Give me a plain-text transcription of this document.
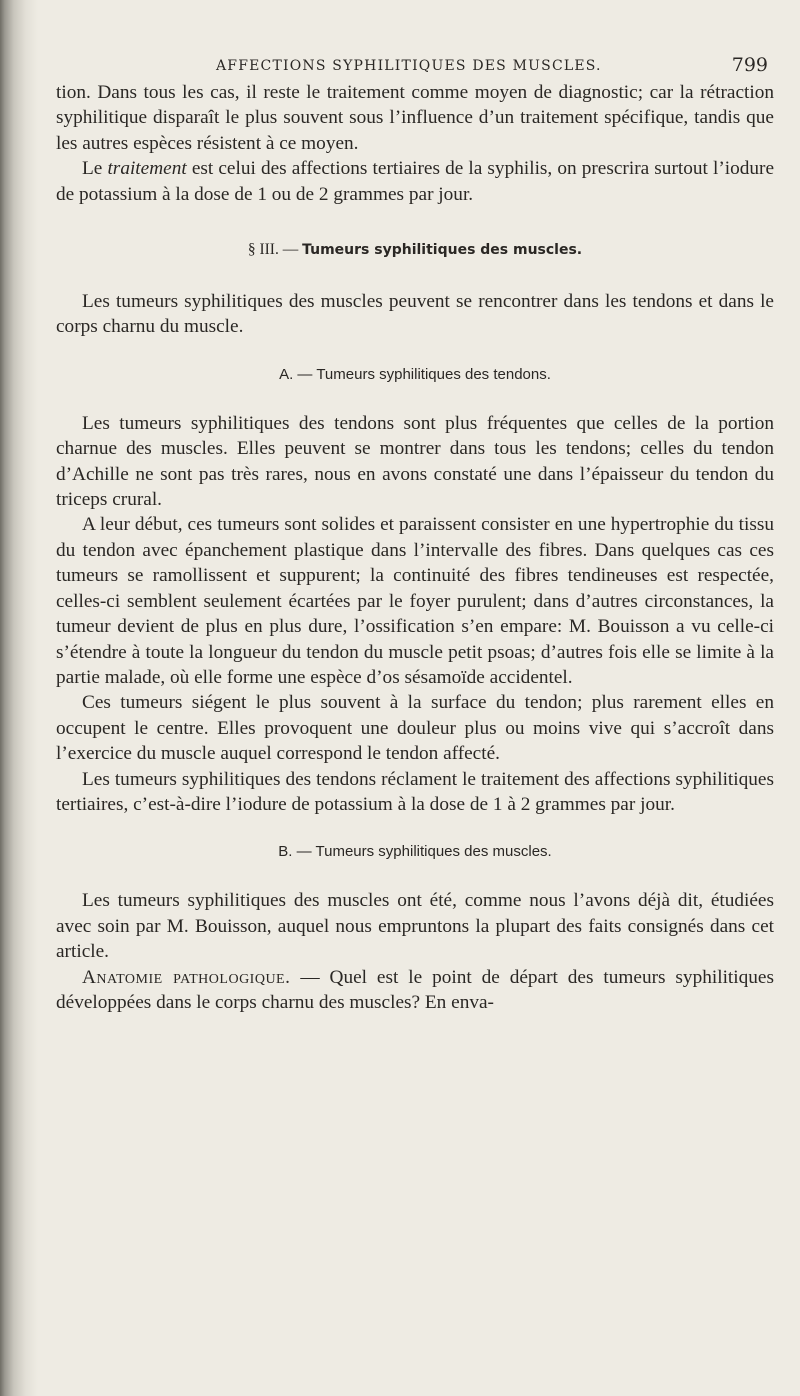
AFFECTIONS SYPHILITIQUES DES MUSCLES.	799

tion. Dans tous les cas, il reste le traitement comme moyen de diagnostic; car la rétraction syphilitique disparaît le plus souvent sous l’influence d’un traitement spécifique, tandis que les autres espèces résistent à ce moyen.

Le traitement est celui des affections tertiaires de la syphilis, on prescrira surtout l’iodure de potassium à la dose de 1 ou de 2 grammes par jour.

§ III. — Tumeurs syphilitiques des muscles.

Les tumeurs syphilitiques des muscles peuvent se rencontrer dans les tendons et dans le corps charnu du muscle.

A. — Tumeurs syphilitiques des tendons.

Les tumeurs syphilitiques des tendons sont plus fréquentes que celles de la portion charnue des muscles. Elles peuvent se montrer dans tous les tendons; celles du tendon d’Achille ne sont pas très rares, nous en avons constaté une dans l’épaisseur du tendon du triceps crural.

A leur début, ces tumeurs sont solides et paraissent consister en une hypertrophie du tissu du tendon avec épanchement plastique dans l’intervalle des fibres. Dans quelques cas ces tumeurs se ramollissent et suppurent; la continuité des fibres tendineuses est respectée, celles-ci semblent seulement écartées par le foyer purulent; dans d’autres circonstances, la tumeur devient de plus en plus dure, l’ossification s’en empare: M. Bouisson a vu celle-ci s’étendre à toute la longueur du tendon du muscle petit psoas; d’autres fois elle se limite à la partie malade, où elle forme une espèce d’os sésamoïde accidentel.

Ces tumeurs siégent le plus souvent à la surface du tendon; plus rarement elles en occupent le centre. Elles provoquent une douleur plus ou moins vive qui s’accroît dans l’exercice du muscle auquel correspond le tendon affecté.

Les tumeurs syphilitiques des tendons réclament le traitement des affections syphilitiques tertiaires, c’est-à-dire l’iodure de potassium à la dose de 1 à 2 grammes par jour.

B. — Tumeurs syphilitiques des muscles.

Les tumeurs syphilitiques des muscles ont été, comme nous l’avons déjà dit, étudiées avec soin par M. Bouisson, auquel nous empruntons la plupart des faits consignés dans cet article.

Anatomie pathologique. — Quel est le point de départ des tumeurs syphilitiques développées dans le corps charnu des muscles? En enva-
